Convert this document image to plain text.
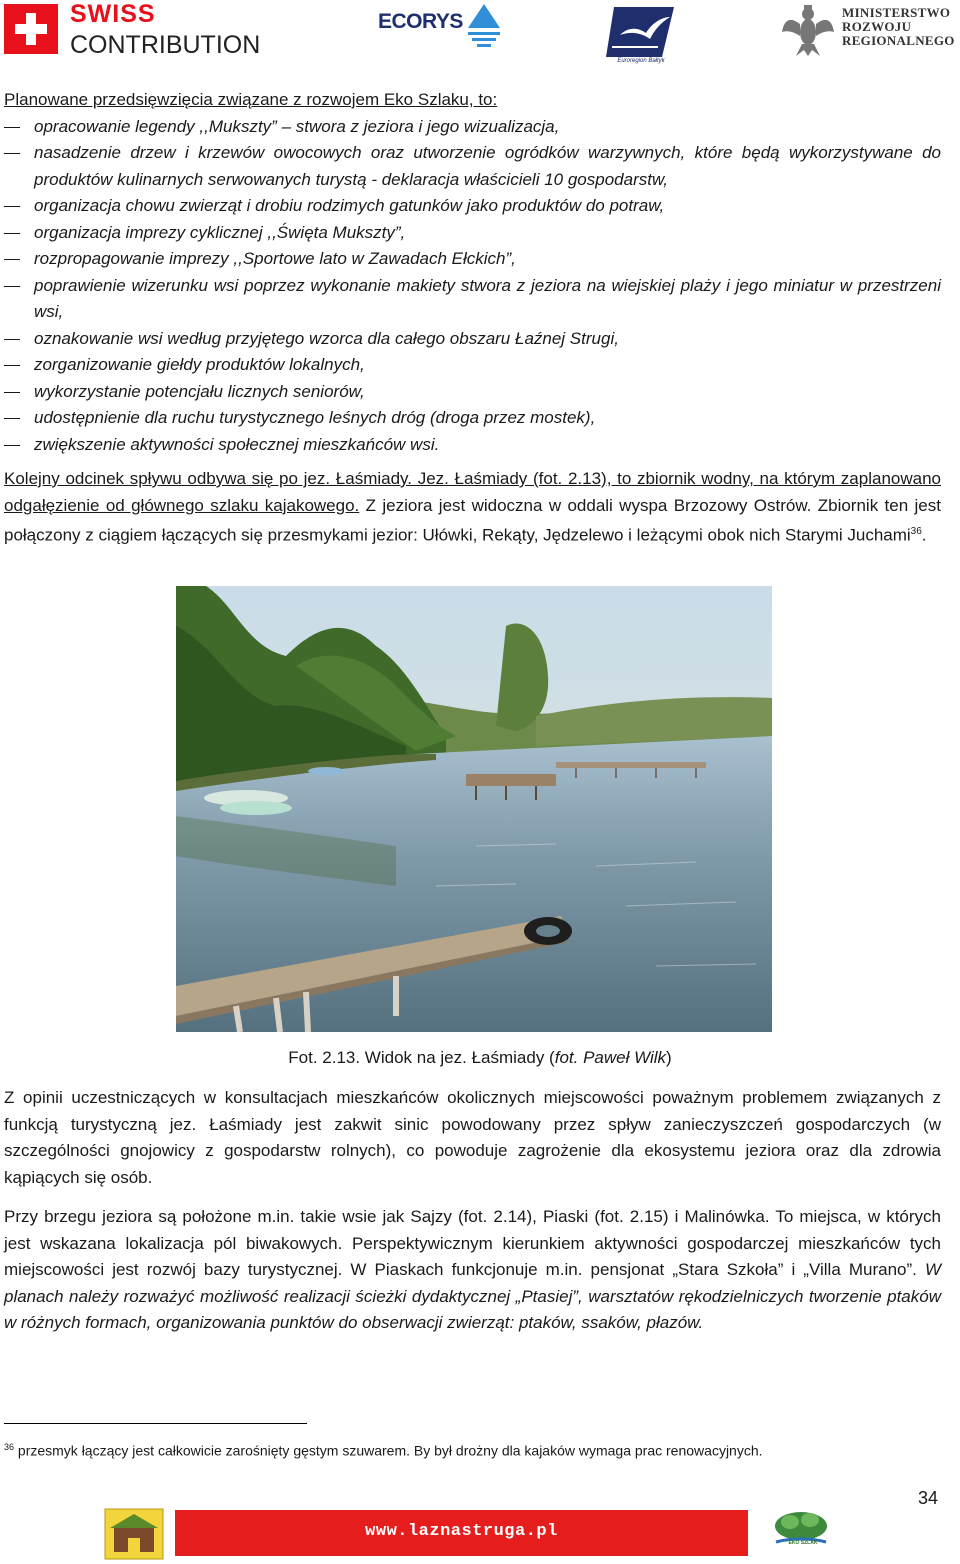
SWISS
CONTRIBUTION
ECORYS
Euroregion Bałtyk
MINISTERSTWO
ROZWOJU
REGIONALNEGO
Planowane przedsięwzięcia związane z rozwojem Eko Szlaku, to:
opracowanie legendy ,,Mukszty” – stwora z jeziora i jego wizualizacja,
nasadzenie drzew i krzewów owocowych oraz utworzenie ogródków warzywnych, które będą wykorzystywane do produktów kulinarnych serwowanych turystą - deklaracja właścicieli 10 gospodarstw,
organizacja chowu zwierząt i drobiu rodzimych gatunków jako produktów do potraw,
organizacja imprezy cyklicznej ,,Święta Mukszty”,
rozpropagowanie imprezy ,,Sportowe lato w Zawadach Ełckich”,
poprawienie wizerunku wsi poprzez wykonanie makiety stwora z jeziora na wiejskiej plaży i jego miniatur w przestrzeni wsi,
oznakowanie wsi według przyjętego wzorca dla całego obszaru Łaźnej Strugi,
zorganizowanie giełdy produktów lokalnych,
wykorzystanie potencjału licznych seniorów,
udostępnienie dla ruchu turystycznego leśnych dróg (droga przez mostek),
zwiększenie aktywności społecznej mieszkańców wsi.
Kolejny odcinek spływu odbywa się po jez. Łaśmiady. Jez. Łaśmiady (fot. 2.13), to zbiornik wodny, na którym zaplanowano odgałęzienie od głównego szlaku kajakowego. Z jeziora jest widoczna w oddali wyspa Brzozowy Ostrów. Zbiornik ten jest połączony z ciągiem łączących się przesmykami jezior: Ułówki, Rekąty, Jędzelewo i leżącymi obok nich Starymi Juchami$^{36}$.
Fot. 2.13. Widok na jez. Łaśmiady (fot. Paweł Wilk)
Z opinii uczestniczących w konsultacjach mieszkańców okolicznych miejscowości poważnym problemem związanych z funkcją turystyczną jez. Łaśmiady jest zakwit sinic powodowany przez spływ zanieczyszczeń gospodarczych (w szczególności gnojowicy z gospodarstw rolnych), co powoduje zagrożenie dla ekosystemu jeziora oraz dla zdrowia kąpiących się osób.
Przy brzegu jeziora są położone m.in. takie wsie jak Sajzy (fot. 2.14), Piaski (fot. 2.15) i Malinówka. To miejsca, w których jest wskazana lokalizacja pól biwakowych. Perspektywicznym kierunkiem aktywności gospodarczej mieszkańców tych miejscowości jest rozwój bazy turystycznej. W Piaskach funkcjonuje m.in. pensjonat „Stara Szkoła” i „Villa Murano”. W planach należy rozważyć możliwość realizacji ścieżki dydaktycznej „Ptasiej”, warsztatów rękodzielniczych tworzenie ptaków w różnych formach, organizowania punktów do obserwacji zwierząt: ptaków, ssaków, płazów.
$^{36}$ przesmyk łączący jest całkowicie zarośnięty gęstym szuwarem. By był drożny dla kajaków wymaga prac renowacyjnych.
34
www.laznastruga.pl
EKO SZLAK
